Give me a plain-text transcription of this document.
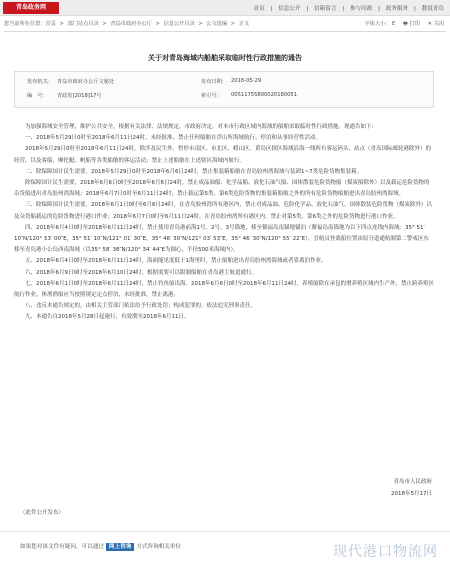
青岛政务网	首页 | 信息公开 | 信箱留言 | 参与问政 | 政务服务 | 数说青岛
您当前所在位置：首页 > 部门站点目录 > 青岛市政府办公厅 > 信息公开目录 > 公文选编 > 正文	字体大小： E 🖶 打印 ✕ 关闭
关于对青岛海域内船舶采取临时性行政措施的通告
发布机关： 青岛市政府办公厅文秘处	发布日期： 2018-05-29
编　号： 青政发[2018]17号	索引号： 00511755800020180051

为加强海域安全管理，维护公共安全，根据有关法律、法规规定，市政府决定，对本市行政区域内海域的船舶采取临时性行政措施。现通告如下：

一、2018年5月29日0时至2018年6月11日24时，未经批准，禁止任何船舶在浮山所海域航行、停泊和从事经营性活动。

2018年5月29日0时至2018年6月11日24时，除涉及民生外，暂停市南区、市北区、崂山区、黄岛区辖区海域沿海一线所有客运码头、站点（青岛国际邮轮港除外）的经营，以及客船、摩托艇、帆船等各类船舶的客运活动；禁止上述船舶在上述辖区海域内航行。

二、除保障国计民生需要，2018年5月29日0时至2018年6月6日24时，禁止集装箱船舶在青岛胶州湾海域与装卸1~7类危险货物集装箱。

除保障国计民生需要，2018年6月6日0时至2018年6月6日24时，禁止成品油船、化学品船、液化石油气船、国体散装危险货物船（煤炭船除外）以及载运危险货物的杂货船进出青岛胶州湾海域；2018年6月7日0时至6月11日24时，禁止载运第5类、第6类危险货物的集装箱船舶之外的所有危险货物船舶进出青岛胶州湾海域。

三、除保障国计民生需要，2018年6月1日0时至6月6日24时，在青岛胶州湾所有港区内，禁止对成品油、危险化学品、液化石油气、国体散装危险货物（煤炭除外）以及杂货船载运的危险货物进行港口作业；2018年6月7日0时至6月11日24时，在青岛胶州湾所有港区内，禁止对第5类、第6类之外的危险货物进行港口作业。

四、2018年6月4日0时至2018年6月11日24时，禁止使用青岛港前海1号、2号、3号锚地，移至鳌福岛南锚地锚泊（鳌福岛南锚地为以下四点连线内海域：35° 51′ 10″N/120° 53′ 00″E，35° 51′ 10″N/121° 01′ 30″E，35° 46′ 30″N/121° 03′ 53″E，35° 46′ 30″N/120° 55′ 22″E）。引航员登离船位置由原分道通航制第二警戒区东移至青岛港小公岛西南海域（以35° 58′ 38″N/120° 34′ 44″E为圆心，半径500米海域内）。

五、2018年6月4日0时至2018年6月11日24时，海面能见度低于1海里时，禁止船舶进出青岛胶州湾海域或者靠离泊作业。

六、2018年6月9日0时至2018年6月10日24时，根据需要可以限制船舶在青岛港主航道通行。

七、2018年6月1日0时至2018年6月11日24时，禁止钓鱼船出海。2018年6月6日0时至2018年6月11日24时，养殖船除在承包的增养殖区域内生产外，禁止跨养殖区航行作业，休渔渔船应当按照规定定点停泊，未经批准，禁止离港。

八、违反本通告规定的，由相关主管部门依法给予行政处罚；构成犯罪的，依法追究刑事责任。

九、本通告自2018年5月28日起施行，有效期至2018年6月11日。

青岛市人民政府
2018年5月17日
（此件公开发布）
如果您对该文件有疑问，可以通过 网上咨询 方式咨询相关单位	现代港口物流网
